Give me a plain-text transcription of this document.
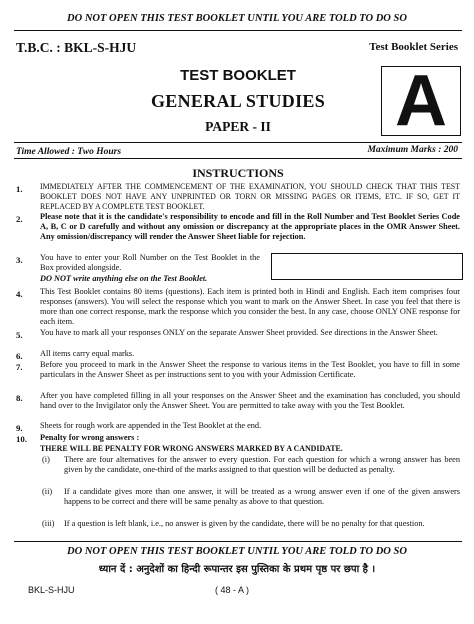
DO NOT OPEN THIS TEST BOOKLET UNTIL YOU ARE TOLD TO DO SO
T.B.C. : BKL-S-HJU	Test Booklet Series
TEST BOOKLET
GENERAL STUDIES
PAPER - II	A
Time Allowed : Two Hours	Maximum Marks : 200
INSTRUCTIONS
1. IMMEDIATELY AFTER THE COMMENCEMENT OF THE EXAMINATION, YOU SHOULD CHECK THAT THIS TEST BOOKLET DOES NOT HAVE ANY UNPRINTED OR TORN OR MISSING PAGES OR ITEMS, ETC. IF SO, GET IT REPLACED BY A COMPLETE TEST BOOKLET.
2. Please note that it is the candidate's responsibility to encode and fill in the Roll Number and Test Booklet Series Code A, B, C or D carefully and without any omission or discrepancy at the appropriate places in the OMR Answer Sheet. Any omission/discrepancy will render the Answer Sheet liable for rejection.
3. You have to enter your Roll Number on the Test Booklet in the Box provided alongside.
DO NOT write anything else on the Test Booklet.
4. This Test Booklet contains 80 items (questions). Each item is printed both in Hindi and English. Each item comprises four responses (answers). You will select the response which you want to mark on the Answer Sheet. In case you feel that there is more than one correct response, mark the response which you consider the best. In any case, choose ONLY ONE response for each item.
5. You have to mark all your responses ONLY on the separate Answer Sheet provided. See directions in the Answer Sheet.
6. All items carry equal marks.
7. Before you proceed to mark in the Answer Sheet the response to various items in the Test Booklet, you have to fill in some particulars in the Answer Sheet as per instructions sent to you with your Admission Certificate.
8. After you have completed filling in all your responses on the Answer Sheet and the examination has concluded, you should hand over to the Invigilator only the Answer Sheet. You are permitted to take away with you the Test Booklet.
9. Sheets for rough work are appended in the Test Booklet at the end.
10. Penalty for wrong answers :
THERE WILL BE PENALTY FOR WRONG ANSWERS MARKED BY A CANDIDATE.
(i) There are four alternatives for the answer to every question. For each question for which a wrong answer has been given by the candidate, one-third of the marks assigned to that question will be deducted as penalty.
(ii) If a candidate gives more than one answer, it will be treated as a wrong answer even if one of the given answers happens to be correct and there will be same penalty as above to that question.
(iii) If a question is left blank, i.e., no answer is given by the candidate, there will be no penalty for that question.
DO NOT OPEN THIS TEST BOOKLET UNTIL YOU ARE TOLD TO DO SO
ध्यान दें : अनुदेशों का हिन्दी रूपान्तर इस पुस्तिका के प्रथम पृष्ठ पर छपा है ।
BKL-S-HJU	( 48 - A )
